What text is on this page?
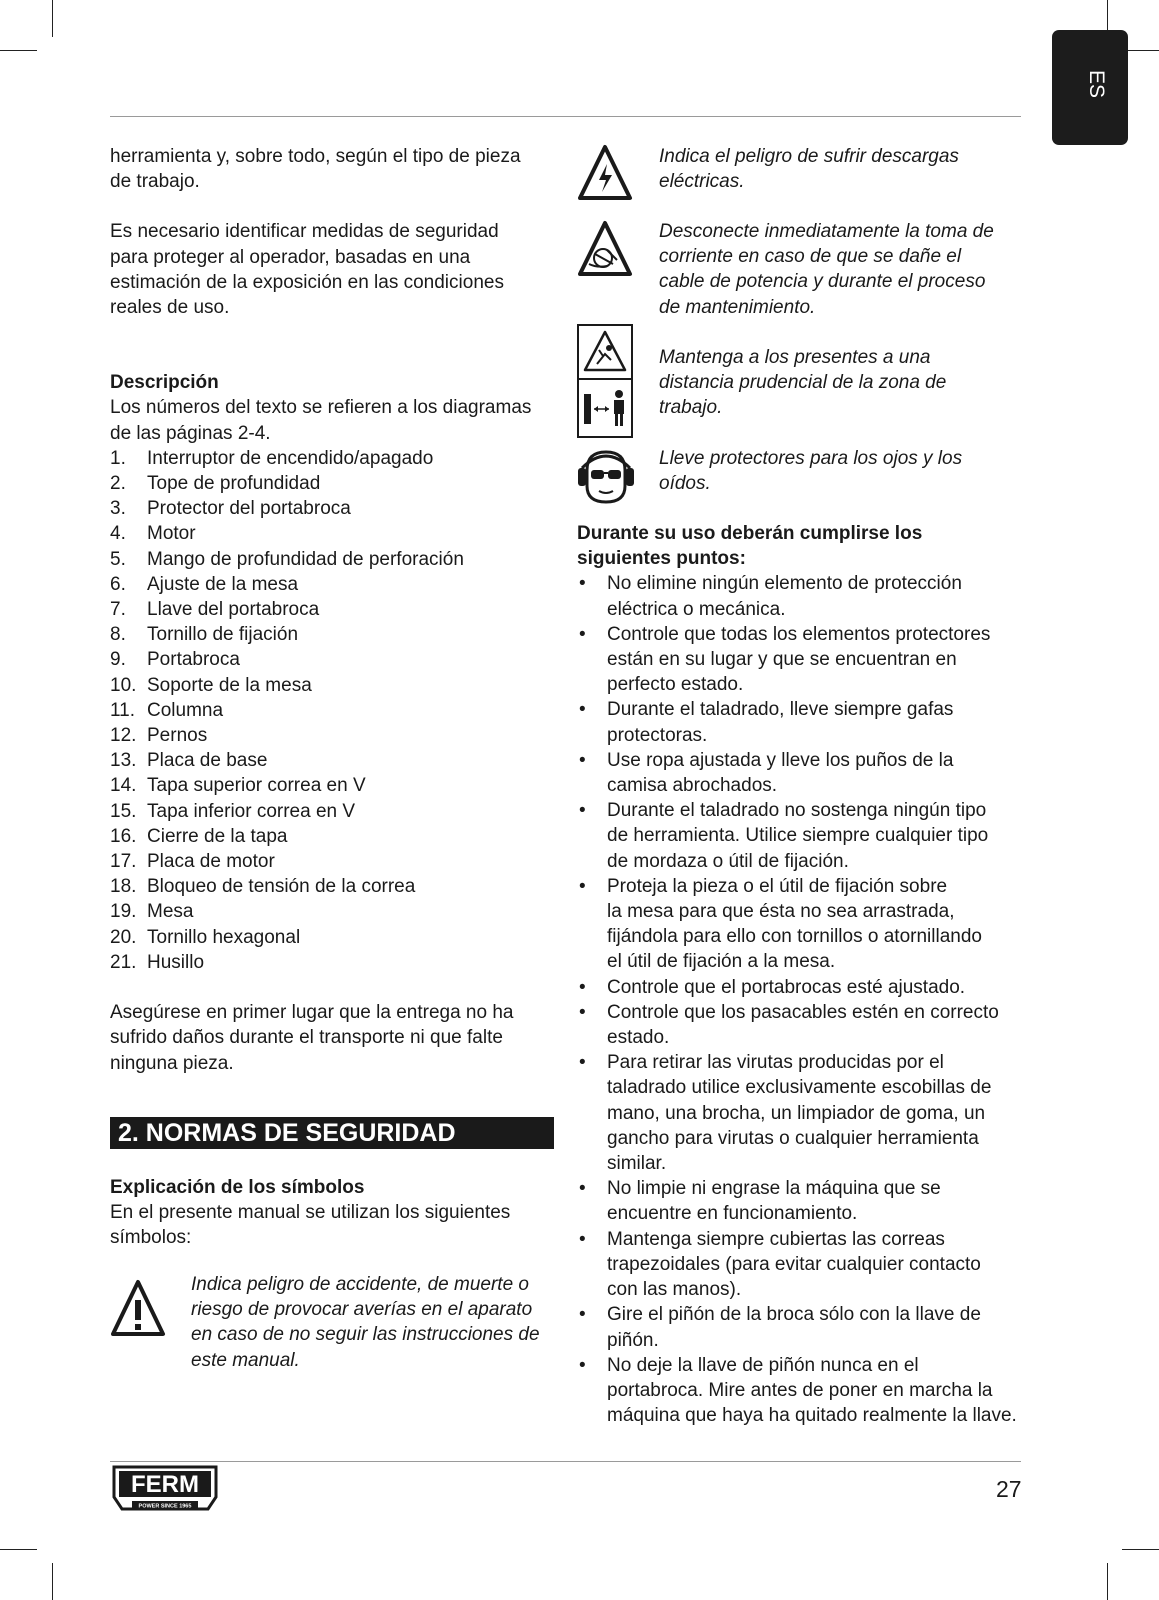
ES

herramienta y, sobre todo, según el tipo de pieza
de trabajo.

Es necesario identificar medidas de seguridad
para proteger al operador, basadas en una
estimación de la exposición en las condiciones
reales de uso.

Descripción

Los números del texto se refieren a los diagramas
de las páginas 2-4.

1.	Interruptor de encendido/apagado
2.	Tope de profundidad
3.	Protector del portabroca
4.	Motor
5.	Mango de profundidad de perforación
6.	Ajuste de la mesa
7.	Llave del portabroca
8.	Tornillo de fijación
9.	Portabroca
10. Soporte de la mesa
11. Columna
12. Pernos
13. Placa de base
14. Tapa superior correa en V
15. Tapa inferior correa en V
16. Cierre de la tapa
17. Placa de motor
18. Bloqueo de tensión de la correa
19. Mesa
20. Tornillo hexagonal
21. Husillo

Asegúrese en primer lugar que la entrega no ha
sufrido daños durante el transporte ni que falte
ninguna pieza.

2. NORMAS DE SEGURIDAD

Explicación de los símbolos

En el presente manual se utilizan los siguientes
símbolos:

Indica peligro de accidente, de muerte o
riesgo de provocar averías en el aparato
en caso de no seguir las instrucciones de
este manual.
Indica el peligro de sufrir descargas
eléctricas.
Desconecte inmediatamente la toma de
corriente en caso de que se dañe el
cable de potencia y durante el proceso
de mantenimiento.
Mantenga a los presentes a una
distancia prudencial de la zona de
trabajo.
Lleve protectores para los ojos y los
oídos.

Durante su uso deberán cumplirse los
siguientes puntos:

•	No elimine ningún elemento de protección
eléctrica o mecánica.
•	Controle que todas los elementos protectores
están en su lugar y que se encuentran en
perfecto estado.
•	Durante el taladrado, lleve siempre gafas
protectoras.
•	Use ropa ajustada y lleve los puños de la
camisa abrochados.
•	Durante el taladrado no sostenga ningún tipo
de herramienta. Utilice siempre cualquier tipo
de mordaza o útil de fijación.
•	Proteja la pieza o el útil de fijación sobre
la mesa para que ésta no sea arrastrada,
fijándola para ello con tornillos o atornillando
el útil de fijación a la mesa.
•	Controle que el portabrocas esté ajustado.
•	Controle que los pasacables estén en correcto
estado.
•	Para retirar las virutas producidas por el
taladrado utilice exclusivamente escobillas de
mano, una brocha, un limpiador de goma, un
gancho para virutas o cualquier herramienta
similar.
•	No limpie ni engrase la máquina que se
encuentre en funcionamiento.
•	Mantenga siempre cubiertas las correas
trapezoidales (para evitar cualquier contacto
con las manos).
•	Gire el piñón de la broca sólo con la llave de
piñón.
•	No deje la llave de piñón nunca en el
portabroca. Mire antes de poner en marcha la
máquina que haya ha quitado realmente la llave.
FERM
POWER SINCE 1965
27
